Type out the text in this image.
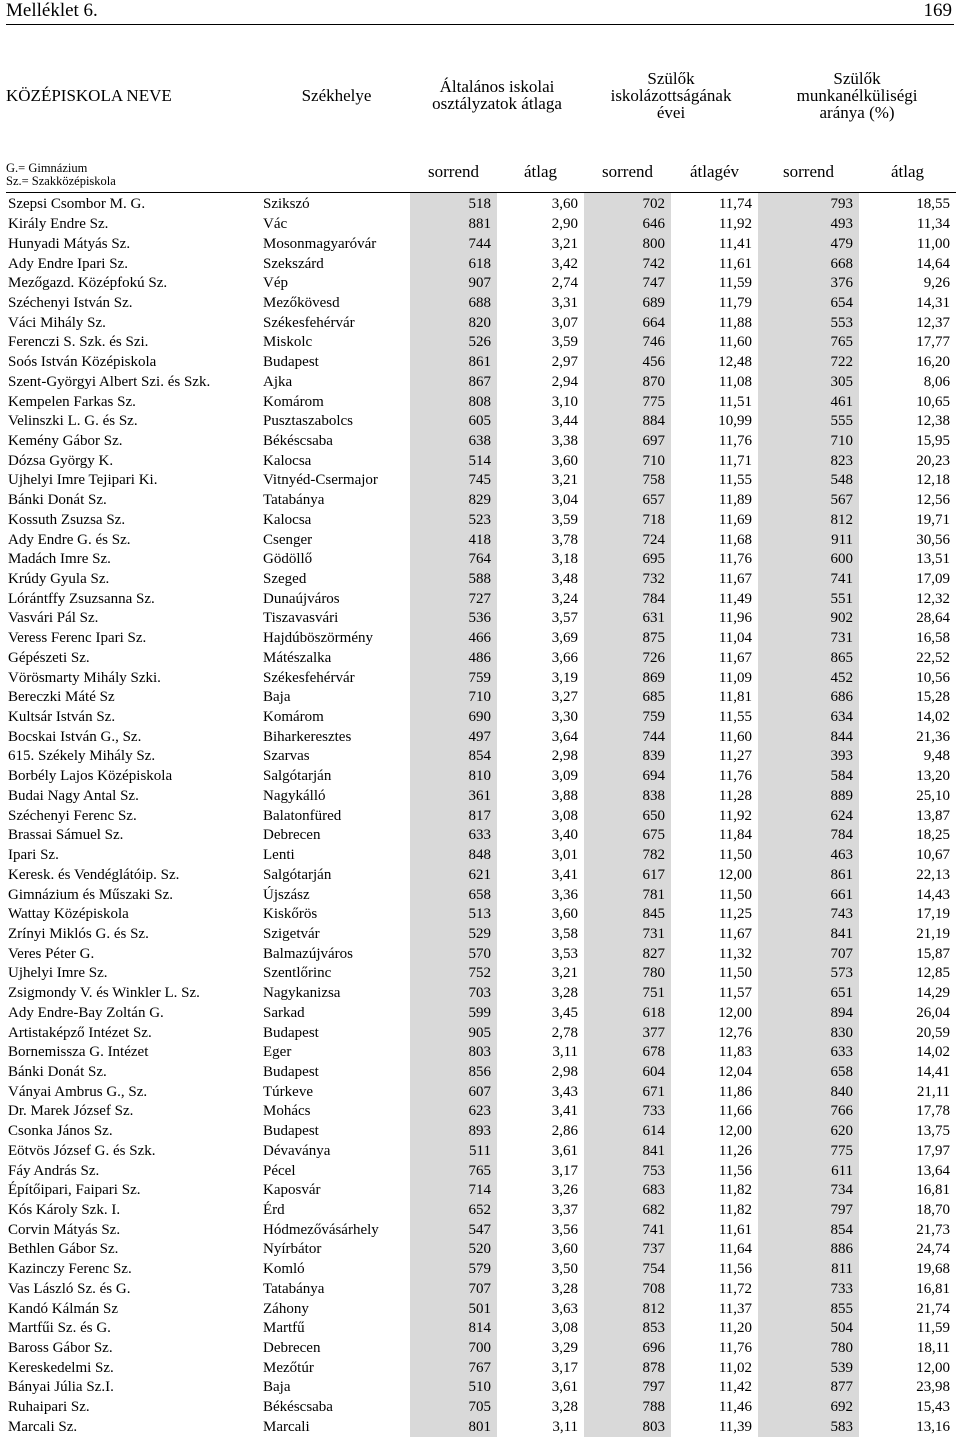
Melléklet 6.	169
KÖZÉPISKOLA NEVE	Székhelye	Általános iskolai osztályzatok átlaga		Szülők iskolázottságának évei		Szülők munkanélküliségi aránya (%)	

G.= Gimnázium
Sz.= Szakközépiskola		sorrend	átlag	sorrend	átlagév	sorrend	átlag
Szepsi Csombor M. G.	Szikszó	518	3,60	702	11,74	793	18,55
Király Endre Sz.	Vác	881	2,90	646	11,92	493	11,34
Hunyadi Mátyás Sz.	Mosonmagyaróvár	744	3,21	800	11,41	479	11,00
Ady Endre Ipari Sz.	Szekszárd	618	3,42	742	11,61	668	14,64
Mezőgazd. Középfokú Sz.	Vép	907	2,74	747	11,59	376	9,26
Széchenyi István Sz.	Mezőkövesd	688	3,31	689	11,79	654	14,31
Váci Mihály Sz.	Székesfehérvár	820	3,07	664	11,88	553	12,37
Ferenczi S. Szk. és Szi.	Miskolc	526	3,59	746	11,60	765	17,77
Soós István Középiskola	Budapest	861	2,97	456	12,48	722	16,20
Szent-Györgyi Albert Szi. és Szk.	Ajka	867	2,94	870	11,08	305	8,06
Kempelen Farkas Sz.	Komárom	808	3,10	775	11,51	461	10,65
Velinszki L. G. és Sz.	Pusztaszabolcs	605	3,44	884	10,99	555	12,38
Kemény Gábor Sz.	Békéscsaba	638	3,38	697	11,76	710	15,95
Dózsa György K.	Kalocsa	514	3,60	710	11,71	823	20,23
Ujhelyi Imre Tejipari Ki.	Vitnyéd-Csermajor	745	3,21	758	11,55	548	12,18
Bánki Donát Sz.	Tatabánya	829	3,04	657	11,89	567	12,56
Kossuth Zsuzsa Sz.	Kalocsa	523	3,59	718	11,69	812	19,71
Ady Endre G. és Sz.	Csenger	418	3,78	724	11,68	911	30,56
Madách Imre Sz.	Gödöllő	764	3,18	695	11,76	600	13,51
Krúdy Gyula Sz.	Szeged	588	3,48	732	11,67	741	17,09
Lórántffy Zsuzsanna Sz.	Dunaújváros	727	3,24	784	11,49	551	12,32
Vasvári Pál Sz.	Tiszavasvári	536	3,57	631	11,96	902	28,64
Veress Ferenc Ipari Sz.	Hajdúböszörmény	466	3,69	875	11,04	731	16,58
Gépészeti Sz.	Mátészalka	486	3,66	726	11,67	865	22,52
Vörösmarty Mihály Szki.	Székesfehérvár	759	3,19	869	11,09	452	10,56
Bereczki Máté Sz	Baja	710	3,27	685	11,81	686	15,28
Kultsár István Sz.	Komárom	690	3,30	759	11,55	634	14,02
Bocskai István G., Sz.	Biharkeresztes	497	3,64	744	11,60	844	21,36
615. Székely Mihály Sz.	Szarvas	854	2,98	839	11,27	393	9,48
Borbély Lajos Középiskola	Salgótarján	810	3,09	694	11,76	584	13,20
Budai Nagy Antal Sz.	Nagykálló	361	3,88	838	11,28	889	25,10
Széchenyi Ferenc Sz.	Balatonfüred	817	3,08	650	11,92	624	13,87
Brassai Sámuel Sz.	Debrecen	633	3,40	675	11,84	784	18,25
Ipari Sz.	Lenti	848	3,01	782	11,50	463	10,67
Keresk. és Vendéglátóip. Sz.	Salgótarján	621	3,41	617	12,00	861	22,13
Gimnázium és Műszaki Sz.	Újszász	658	3,36	781	11,50	661	14,43
Wattay Középiskola	Kiskőrös	513	3,60	845	11,25	743	17,19
Zrínyi Miklós G. és Sz.	Szigetvár	529	3,58	731	11,67	841	21,19
Veres Péter G.	Balmazújváros	570	3,53	827	11,32	707	15,87
Ujhelyi Imre Sz.	Szentlőrinc	752	3,21	780	11,50	573	12,85
Zsigmondy V. és Winkler L. Sz.	Nagykanizsa	703	3,28	751	11,57	651	14,29
Ady Endre-Bay Zoltán G.	Sarkad	599	3,45	618	12,00	894	26,04
Artistaképző Intézet Sz.	Budapest	905	2,78	377	12,76	830	20,59
Bornemissza G. Intézet	Eger	803	3,11	678	11,83	633	14,02
Bánki Donát Sz.	Budapest	856	2,98	604	12,04	658	14,41
Ványai Ambrus G., Sz.	Túrkeve	607	3,43	671	11,86	840	21,11
Dr. Marek József Sz.	Mohács	623	3,41	733	11,66	766	17,78
Csonka János Sz.	Budapest	893	2,86	614	12,00	620	13,75
Eötvös József G. és Szk.	Dévaványa	511	3,61	841	11,26	775	17,97
Fáy András Sz.	Pécel	765	3,17	753	11,56	611	13,64
Építőipari, Faipari Sz.	Kaposvár	714	3,26	683	11,82	734	16,81
Kós Károly Szk. I.	Érd	652	3,37	682	11,82	797	18,70
Corvin Mátyás Sz.	Hódmezővásárhely	547	3,56	741	11,61	854	21,73
Bethlen Gábor Sz.	Nyírbátor	520	3,60	737	11,64	886	24,74
Kazinczy Ferenc Sz.	Komló	579	3,50	754	11,56	811	19,68
Vas László Sz. és G.	Tatabánya	707	3,28	708	11,72	733	16,81
Kandó Kálmán Sz	Záhony	501	3,63	812	11,37	855	21,74
Martfűi Sz. és G.	Martfű	814	3,08	853	11,20	504	11,59
Baross Gábor Sz.	Debrecen	700	3,29	696	11,76	780	18,11
Kereskedelmi Sz.	Mezőtúr	767	3,17	878	11,02	539	12,00
Bányai Júlia Sz.I.	Baja	510	3,61	797	11,42	877	23,98
Ruhaipari Sz.	Békéscsaba	705	3,28	788	11,46	692	15,43
Marcali Sz.	Marcali	801	3,11	803	11,39	583	13,16
